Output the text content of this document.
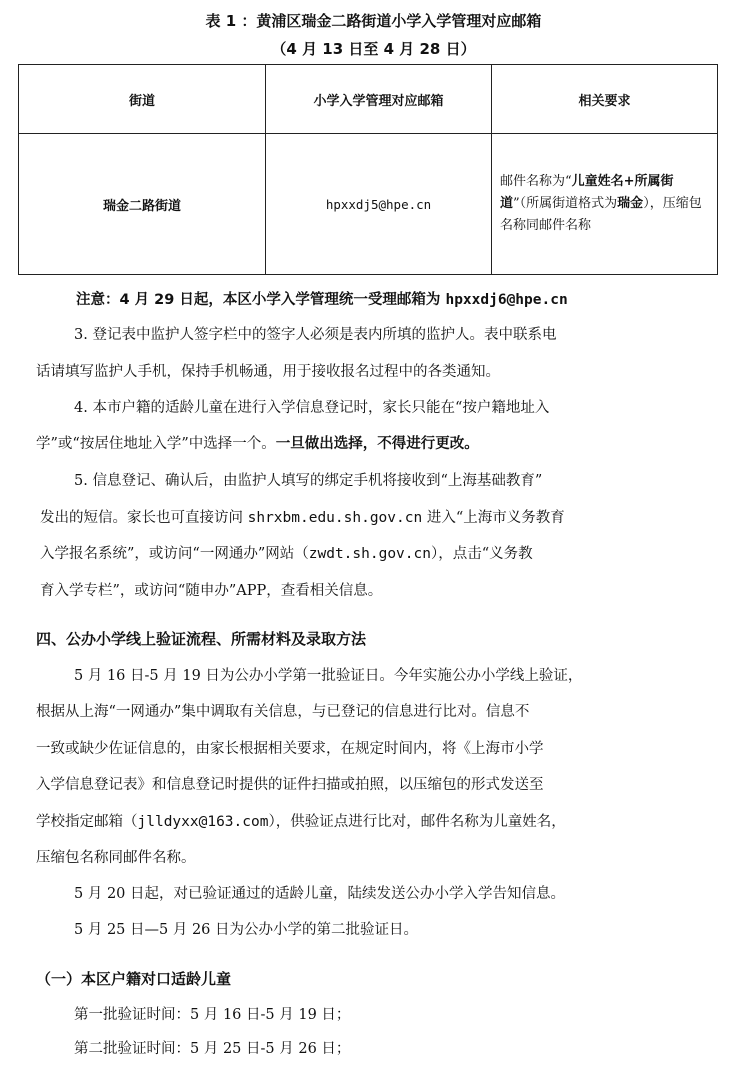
表 1 ：黄浦区瑞金二路街道小学入学管理对应邮箱
（4 月 13 日至 4 月 28 日）
街道	小学入学管理对应邮箱	相关要求
瑞金二路街道	hpxxdj5@hpe.cn	邮件名称为“儿童姓名+所属街道”（所属街道格式为瑞金），压缩包名称同邮件名称
注意：4 月 29 日起，本区小学入学管理统一受理邮箱为 hpxxdj6@hpe.cn
3. 登记表中监护人签字栏中的签字人必须是表内所填的监护人。表中联系电
话请填写监护人手机，保持手机畅通，用于接收报名过程中的各类通知。
4. 本市户籍的适龄儿童在进行入学信息登记时，家长只能在“按户籍地址入
学”或“按居住地址入学”中选择一个。一旦做出选择，不得进行更改。
5. 信息登记、确认后，由监护人填写的绑定手机将接收到“上海基础教育”
发出的短信。家长也可直接访问 shrxbm.edu.sh.gov.cn 进入“上海市义务教育
入学报名系统”，或访问“一网通办”网站（zwdt.sh.gov.cn），点击“义务教
育入学专栏”，或访问“随申办”APP，查看相关信息。
四、公办小学线上验证流程、所需材料及录取方法
5 月 16 日-5 月 19 日为公办小学第一批验证日。今年实施公办小学线上验证，
根据从上海“一网通办”集中调取有关信息，与已登记的信息进行比对。信息不
一致或缺少佐证信息的，由家长根据相关要求，在规定时间内，将《上海市小学
入学信息登记表》和信息登记时提供的证件扫描或拍照，以压缩包的形式发送至
学校指定邮箱（jlldyxx@163.com），供验证点进行比对，邮件名称为儿童姓名，
压缩包名称同邮件名称。
5 月 20 日起，对已验证通过的适龄儿童，陆续发送公办小学入学告知信息。
5 月 25 日—5 月 26 日为公办小学的第二批验证日。
（一）本区户籍对口适龄儿童
第一批验证时间：5 月 16 日-5 月 19 日；
第二批验证时间：5 月 25 日-5 月 26 日；
